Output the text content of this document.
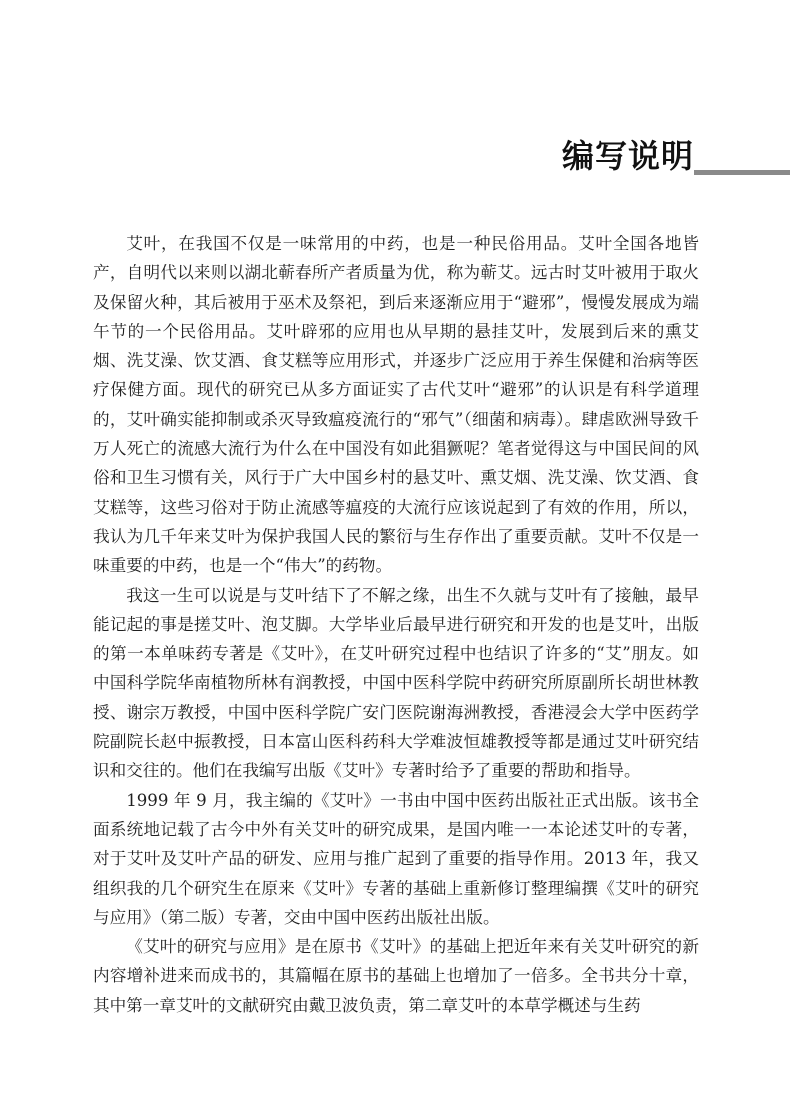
编写说明

艾叶，在我国不仅是一味常用的中药，也是一种民俗用品。艾叶全国各地皆产，自明代以来则以湖北蕲春所产者质量为优，称为蕲艾。远古时艾叶被用于取火及保留火种，其后被用于巫术及祭祀，到后来逐渐应用于“避邪”，慢慢发展成为端午节的一个民俗用品。艾叶辟邪的应用也从早期的悬挂艾叶，发展到后来的熏艾烟、洗艾澡、饮艾酒、食艾糕等应用形式，并逐步广泛应用于养生保健和治病等医疗保健方面。现代的研究已从多方面证实了古代艾叶“避邪”的认识是有科学道理的，艾叶确实能抑制或杀灭导致瘟疫流行的“邪气”（细菌和病毒）。肆虐欧洲导致千万人死亡的流感大流行为什么在中国没有如此猖獗呢？笔者觉得这与中国民间的风俗和卫生习惯有关，风行于广大中国乡村的悬艾叶、熏艾烟、洗艾澡、饮艾酒、食艾糕等，这些习俗对于防止流感等瘟疫的大流行应该说起到了有效的作用，所以，我认为几千年来艾叶为保护我国人民的繁衍与生存作出了重要贡献。艾叶不仅是一味重要的中药，也是一个“伟大”的药物。

我这一生可以说是与艾叶结下了不解之缘，出生不久就与艾叶有了接触，最早能记起的事是搓艾叶、泡艾脚。大学毕业后最早进行研究和开发的也是艾叶，出版的第一本单味药专著是《艾叶》，在艾叶研究过程中也结识了许多的“艾”朋友。如中国科学院华南植物所林有润教授，中国中医科学院中药研究所原副所长胡世林教授、谢宗万教授，中国中医科学院广安门医院谢海洲教授，香港浸会大学中医药学院副院长赵中振教授，日本富山医科药科大学难波恒雄教授等都是通过艾叶研究结识和交往的。他们在我编写出版《艾叶》专著时给予了重要的帮助和指导。

1999 年 9 月，我主编的《艾叶》一书由中国中医药出版社正式出版。该书全面系统地记载了古今中外有关艾叶的研究成果，是国内唯一一本论述艾叶的专著，对于艾叶及艾叶产品的研发、应用与推广起到了重要的指导作用。2013 年，我又组织我的几个研究生在原来《艾叶》专著的基础上重新修订整理编撰《艾叶的研究与应用》（第二版）专著，交由中国中医药出版社出版。

《艾叶的研究与应用》是在原书《艾叶》的基础上把近年来有关艾叶研究的新内容增补进来而成书的，其篇幅在原书的基础上也增加了一倍多。全书共分十章，其中第一章艾叶的文献研究由戴卫波负责，第二章艾叶的本草学概述与生药
